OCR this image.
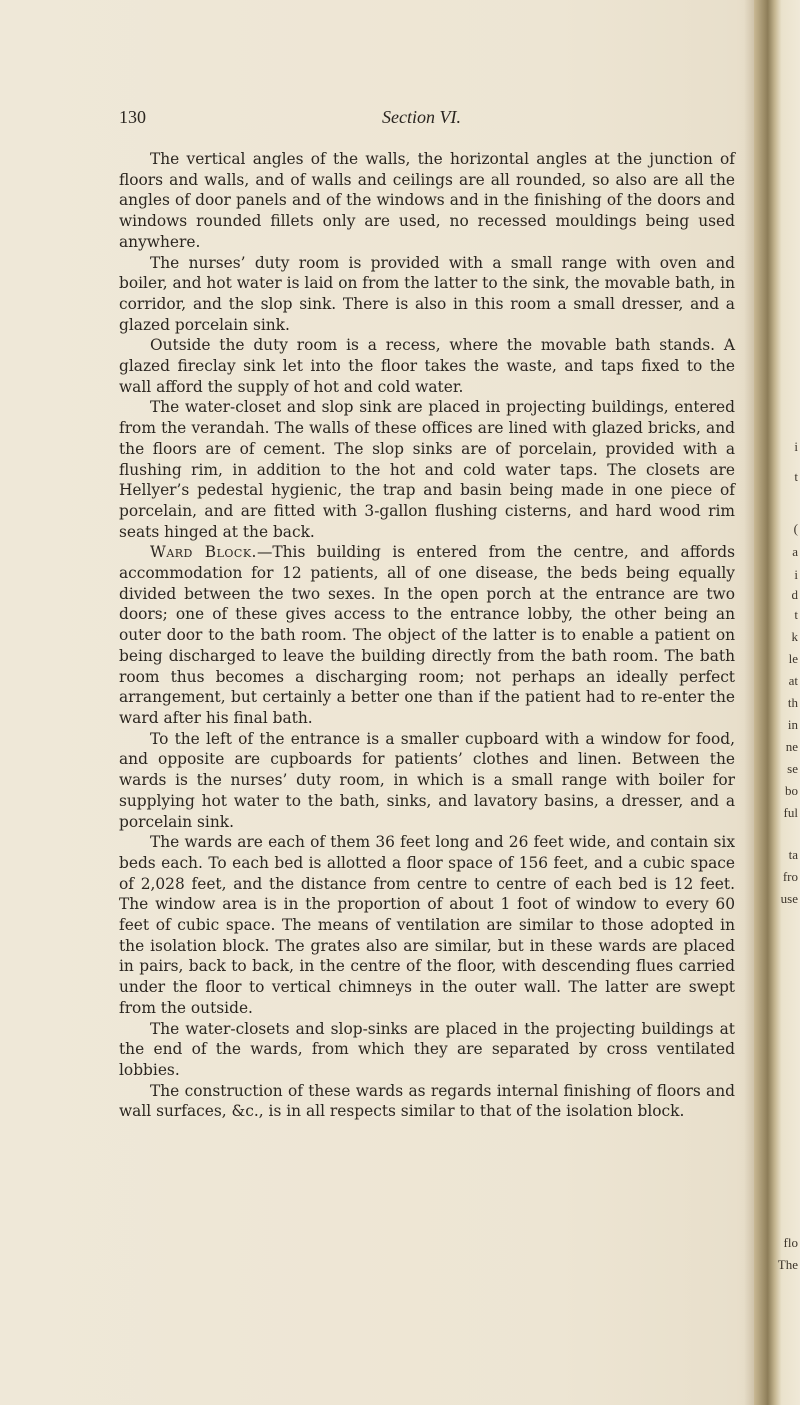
130	Section VI.

The vertical angles of the walls, the horizontal angles at the junction of floors and walls, and of walls and ceilings are all rounded, so also are all the angles of door panels and of the windows and in the finishing of the doors and windows rounded fillets only are used, no recessed mouldings being used anywhere.

The nurses’ duty room is provided with a small range with oven and boiler, and hot water is laid on from the latter to the sink, the movable bath, in corridor, and the slop sink. There is also in this room a small dresser, and a glazed porcelain sink.

Outside the duty room is a recess, where the movable bath stands. A glazed fireclay sink let into the floor takes the waste, and taps fixed to the wall afford the supply of hot and cold water.

The water-closet and slop sink are placed in projecting buildings, entered from the verandah. The walls of these offices are lined with glazed bricks, and the floors are of cement. The slop sinks are of porcelain, provided with a flushing rim, in addition to the hot and cold water taps. The closets are Hellyer’s pedestal hygienic, the trap and basin being made in one piece of porcelain, and are fitted with 3-gallon flushing cisterns, and hard wood rim seats hinged at the back.

Ward Block.—This building is entered from the centre, and affords accommodation for 12 patients, all of one disease, the beds being equally divided between the two sexes. In the open porch at the entrance are two doors; one of these gives access to the entrance lobby, the other being an outer door to the bath room. The object of the latter is to enable a patient on being discharged to leave the building directly from the bath room. The bath room thus becomes a discharging room; not perhaps an ideally perfect arrangement, but certainly a better one than if the patient had to re-enter the ward after his final bath.

To the left of the entrance is a smaller cupboard with a window for food, and opposite are cupboards for patients’ clothes and linen. Between the wards is the nurses’ duty room, in which is a small range with boiler for supplying hot water to the bath, sinks, and lavatory basins, a dresser, and a porcelain sink.

The wards are each of them 36 feet long and 26 feet wide, and contain six beds each. To each bed is allotted a floor space of 156 feet, and a cubic space of 2,028 feet, and the distance from centre to centre of each bed is 12 feet. The window area is in the proportion of about 1 foot of window to every 60 feet of cubic space. The means of ventilation are similar to those adopted in the isolation block. The grates also are similar, but in these wards are placed in pairs, back to back, in the centre of the floor, with descending flues carried under the floor to vertical chimneys in the outer wall. The latter are swept from the outside.

The water-closets and slop-sinks are placed in the projecting buildings at the end of the wards, from which they are separated by cross ventilated lobbies.

The construction of these wards as regards internal finishing of floors and wall surfaces, &c., is in all respects similar to that of the isolation block.

i
t
(
a
i
d
t
k
le
at
th
in
ne
se
bo
ful
ta
fro
use
flo
The
